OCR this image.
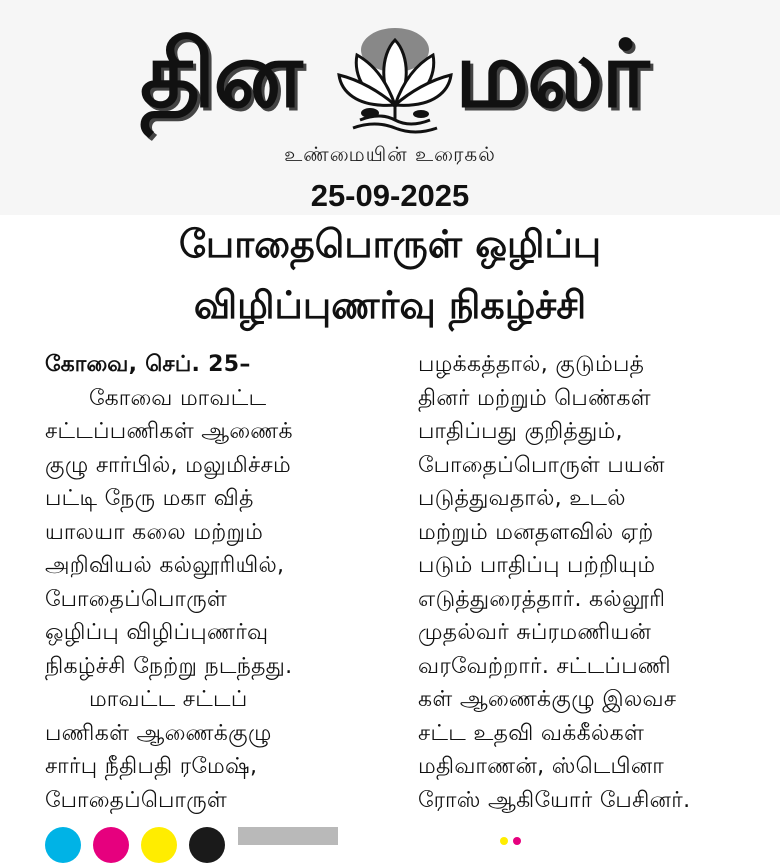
தின மலர்
உண்மையின் உரைகல்
25-09-2025
போதைபொருள் ஒழிப்பு
விழிப்புணர்வு நிகழ்ச்சி
கோவை, செப். 25–
கோவை மாவட்ட
சட்டப்பணிகள் ஆணைக்
குழு சார்பில், மலுமிச்சம்
பட்டி நேரு மகா வித்
யாலயா கலை மற்றும்
அறிவியல் கல்லூரியில்,
போதைப்பொருள்
ஒழிப்பு விழிப்புணர்வு
நிகழ்ச்சி நேற்று நடந்தது.
மாவட்ட சட்டப்
பணிகள் ஆணைக்குழு
சார்பு நீதிபதி ரமேஷ்,
போதைப்பொருள்
பழக்கத்தால், குடும்பத்
தினர் மற்றும் பெண்கள்
பாதிப்பது குறித்தும்,
போதைப்பொருள் பயன்
படுத்துவதால், உடல்
மற்றும் மனதளவில் ஏற்
படும் பாதிப்பு பற்றியும்
எடுத்துரைத்தார். கல்லூரி
முதல்வர் சுப்ரமணியன்
வரவேற்றார். சட்டப்பணி
கள் ஆணைக்குழு இலவச
சட்ட உதவி வக்கீல்கள்
மதிவாணன், ஸ்டெபினா
ரோஸ் ஆகியோர் பேசினர்.
